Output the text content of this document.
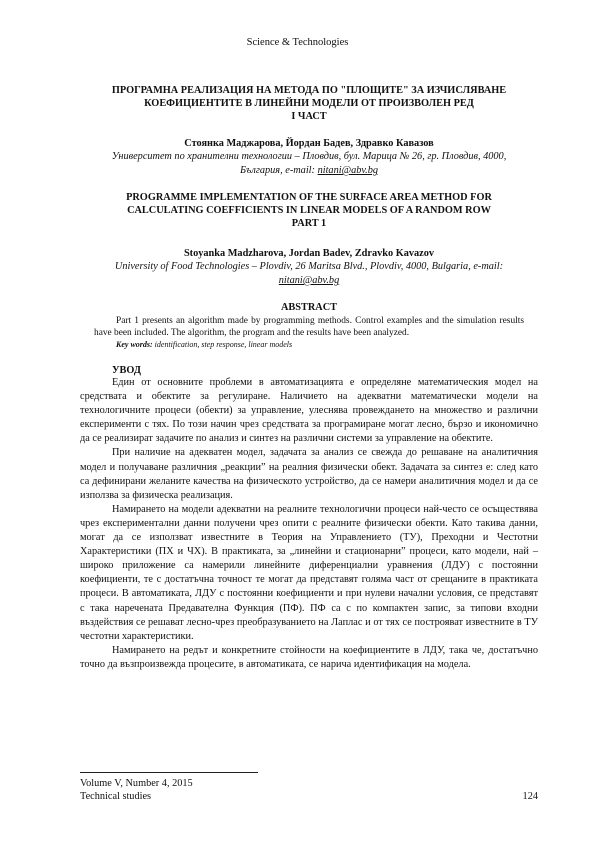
Science & Technologies
ПРОГРАМНА РЕАЛИЗАЦИЯ НА МЕТОДА ПО "ПЛОЩИТЕ" ЗА ИЗЧИСЛЯВАНЕ
КОЕФИЦИЕНТИТЕ В ЛИНЕЙНИ МОДЕЛИ ОТ ПРОИЗВОЛЕН РЕД
І ЧАСТ
Стоянка Маджарова, Йордан Бадев, Здравко Кавазов
Университет по хранителни технологии – Пловдив, бул. Марица № 26, гр. Пловдив, 4000,
България, e-mail: nitani@abv.bg
PROGRAMME IMPLEMENTATION OF THE SURFACE AREA METHOD FOR
CALCULATING COEFFICIENTS IN LINEAR MODELS OF A RANDOM ROW
PART 1
Stoyanka Madzharova, Jordan Badev, Zdravko Kavazov
University of Food Technologies – Plovdiv, 26 Maritsa Blvd., Plovdiv, 4000, Bulgaria, e-mail:
nitani@abv.bg
ABSTRACT
Part 1 presents an algorithm made by programming methods. Control examples and the simulation results have been included. The algorithm, the program and the results have been analyzed.
Key words: identification, step response, linear models
УВОД

Един от основните проблеми в автоматизацията е определяне математическия модел на средствата и обектите за регулиране. Наличието на адекватни математически модели на технологичните процеси (обекти) за управление, улеснява провеждането на множество и различни експерименти с тях. По този начин чрез средствата за програмиране могат лесно, бързо и икономично да се реализират задачите по анализ и синтез на различни системи за управление на обектите.

При наличие на адекватен модел, задачата за анализ се свежда до решаване на аналитичния модел и получаване различния „реакции” на реалния физически обект. Задачата за синтез е: след като са дефинирани желаните качества на физическото устройство, да се намери аналитичния модел и да се използва за физическа реализация.

Намирането на модели адекватни на реалните технологични процеси най-често се осъществява чрез експериментални данни получени чрез опити с реалните физически обекти. Като такива данни, могат да се използват известните в Теория на Управлението (ТУ), Преходни и Честотни Характеристики (ПХ и ЧХ). В практиката, за „линейни и стационарни” процеси, като модели, най – широко приложение са намерили линейните диференциални уравнения (ЛДУ) с постоянни коефициенти, те с достатъчна точност те могат да представят голяма част от срещаните в практиката процеси. В автоматиката, ЛДУ с постоянни коефициенти и при нулеви начални условия, се представят с така наречената Предавателна Функция (ПФ). ПФ са с по компактен запис, за типови входни въздействия се решават лесно-чрез преобразуванието на Лаплас и от тях се построяват известните в ТУ честотни характеристики.

Намирането на редът и конкретните стойности на коефициентите в ЛДУ, така че, достатъчно точно да възпроизвежда процесите, в автоматиката, се нарича идентификация на модела.

Volume V, Number 4, 2015
Technical studies	124
